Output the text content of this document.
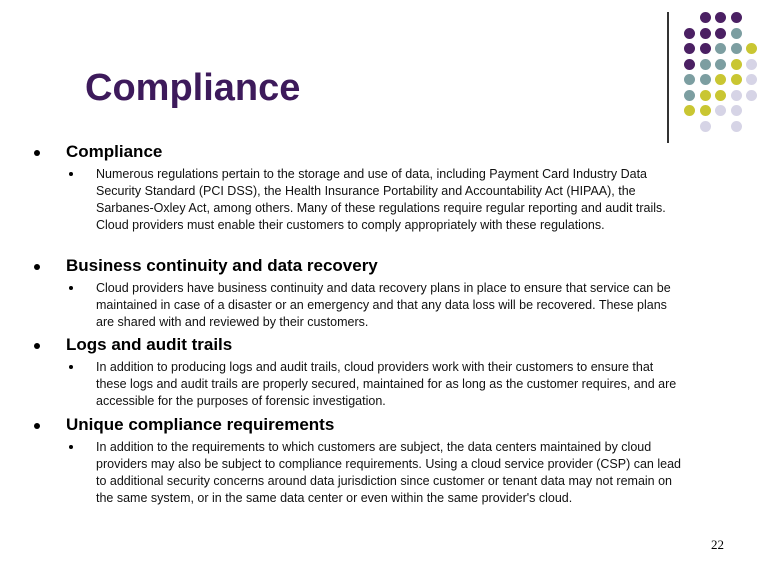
Compliance
Compliance
Numerous regulations pertain to the storage and use of data, including Payment Card Industry Data Security Standard (PCI DSS), the Health Insurance Portability and Accountability Act (HIPAA), the Sarbanes-Oxley Act, among others. Many of these regulations require regular reporting and audit trails. Cloud providers must enable their customers to comply appropriately with these regulations.
Business continuity and data recovery
Cloud providers have business continuity and data recovery plans in place to ensure that service can be maintained in case of a disaster or an emergency and that any data loss will be recovered. These plans are shared with and reviewed by their customers.
Logs and audit trails
In addition to producing logs and audit trails, cloud providers work with their customers to ensure that these logs and audit trails are properly secured, maintained for as long as the customer requires, and are accessible for the purposes of forensic investigation.
Unique compliance requirements
In addition to the requirements to which customers are subject, the data centers maintained by cloud providers may also be subject to compliance requirements. Using a cloud service provider (CSP) can lead to additional security concerns around data jurisdiction since customer or tenant data may not remain on the same system, or in the same data center or even within the same provider's cloud.
22
